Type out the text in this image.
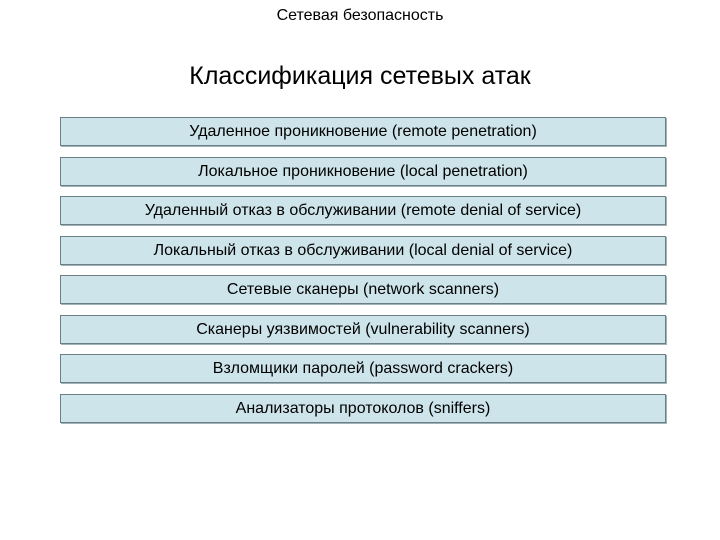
Сетевая безопасность
Классификация сетевых атак
Удаленное проникновение (remote penetration)
Локальное проникновение (local penetration)
Удаленный отказ в обслуживании (remote denial of service)
Локальный отказ в обслуживании (local denial of service)
Сетевые сканеры (network scanners)
Сканеры уязвимостей (vulnerability scanners)
Взломщики паролей (password crackers)
Анализаторы протоколов (sniffers)
